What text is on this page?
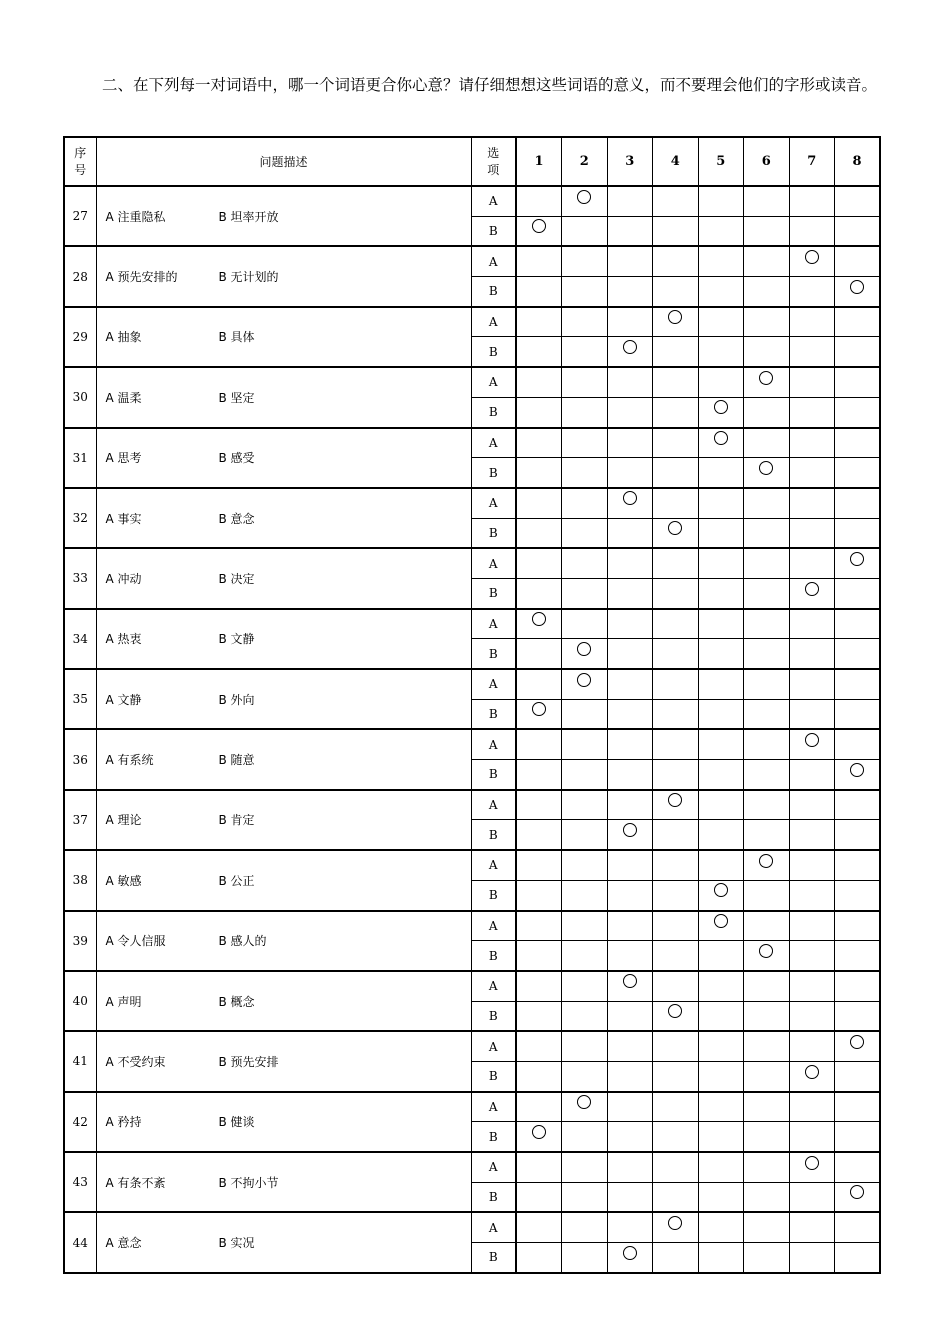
二、在下列每一对词语中，哪一个词语更合你心意？请仔细想想这些词语的意义，而不要理会他们的字形或读音。

序
号	问题描述	选
项	1	2	3	4	5	6	7	8
27	A 注重隐私 B 坦率开放	A								
		B								
28	A 预先安排的 B 无计划的	A								
		B								
29	A 抽象 B 具体	A								
		B								
30	A 温柔 B 坚定	A								
		B								
31	A 思考 B 感受	A								
		B								
32	A 事实 B 意念	A								
		B								
33	A 冲动 B 决定	A								
		B								
34	A 热衷 B 文静	A								
		B								
35	A 文静 B 外向	A								
		B								
36	A 有系统 B 随意	A								
		B								
37	A 理论 B 肯定	A								
		B								
38	A 敏感 B 公正	A								
		B								
39	A 令人信服 B 感人的	A								
		B								
40	A 声明 B 概念	A								
		B								
41	A 不受约束 B 预先安排	A								
		B								
42	A 矜持 B 健谈	A								
		B								
43	A 有条不紊 B 不拘小节	A								
		B								
44	A 意念 B 实况	A								
		B								
